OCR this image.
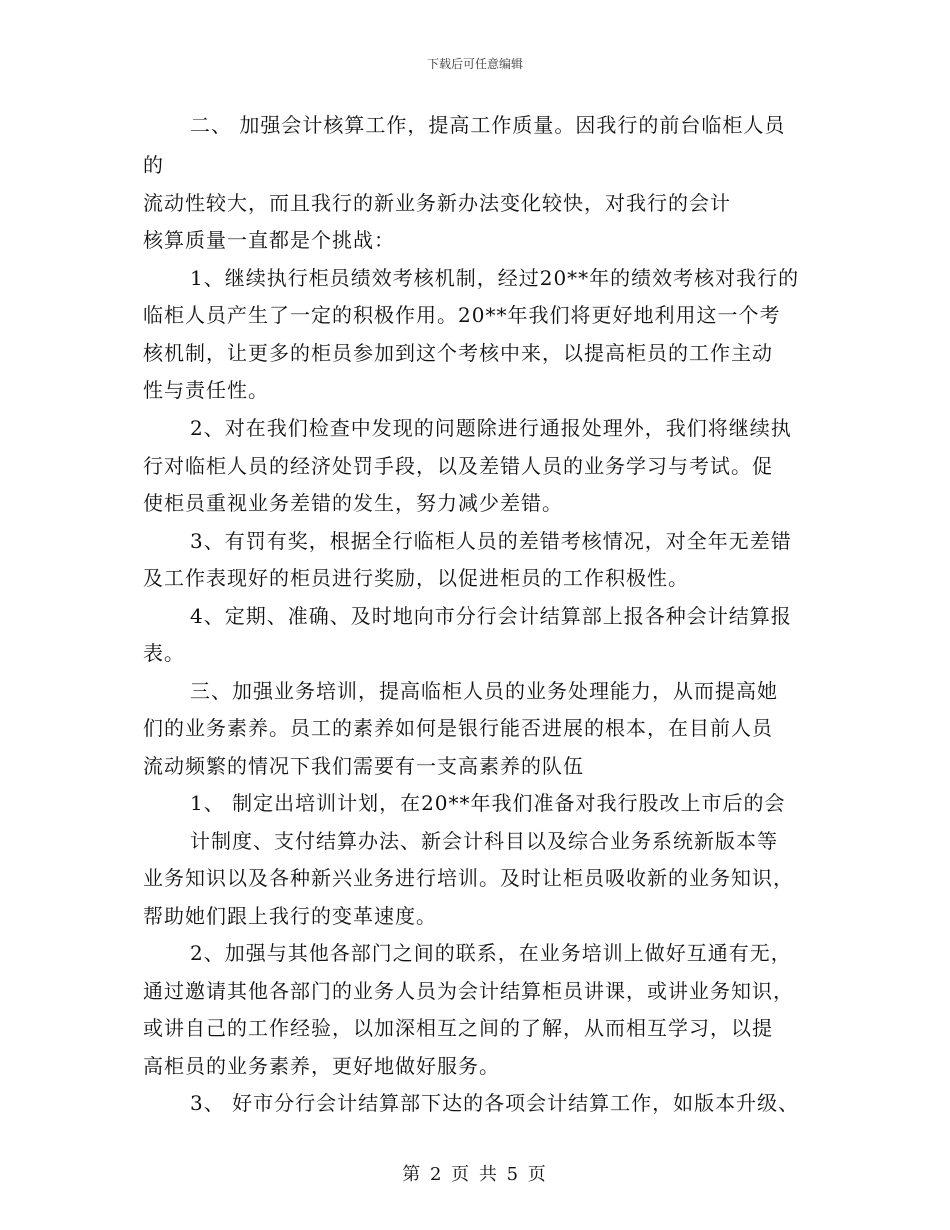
下载后可任意编辑
二、 加强会计核算工作，提高工作质量。因我行的前台临柜人员
的
流动性较大，而且我行的新业务新办法变化较快，对我行的会计
核算质量一直都是个挑战：
1、继续执行柜员绩效考核机制，经过20**年的绩效考核对我行的
临柜人员产生了一定的积极作用。20**年我们将更好地利用这一个考
核机制，让更多的柜员参加到这个考核中来，以提高柜员的工作主动
性与责任性。
2、对在我们检查中发现的问题除进行通报处理外，我们将继续执
行对临柜人员的经济处罚手段，以及差错人员的业务学习与考试。促
使柜员重视业务差错的发生，努力减少差错。
3、有罚有奖，根据全行临柜人员的差错考核情况，对全年无差错
及工作表现好的柜员进行奖励，以促进柜员的工作积极性。
4、定期、准确、及时地向市分行会计结算部上报各种会计结算报
表。
三、加强业务培训，提高临柜人员的业务处理能力，从而提高她
们的业务素养。员工的素养如何是银行能否进展的根本，在目前人员
流动频繁的情况下我们需要有一支高素养的队伍
1、 制定出培训计划，在20**年我们准备对我行股改上市后的会
计制度、支付结算办法、新会计科目以及综合业务系统新版本等
业务知识以及各种新兴业务进行培训。及时让柜员吸收新的业务知识，
帮助她们跟上我行的变革速度。
2、加强与其他各部门之间的联系，在业务培训上做好互通有无，
通过邀请其他各部门的业务人员为会计结算柜员讲课，或讲业务知识，
或讲自己的工作经验，以加深相互之间的了解，从而相互学习，以提
高柜员的业务素养，更好地做好服务。
3、 好市分行会计结算部下达的各项会计结算工作，如版本升级、
第 2 页 共 5 页
